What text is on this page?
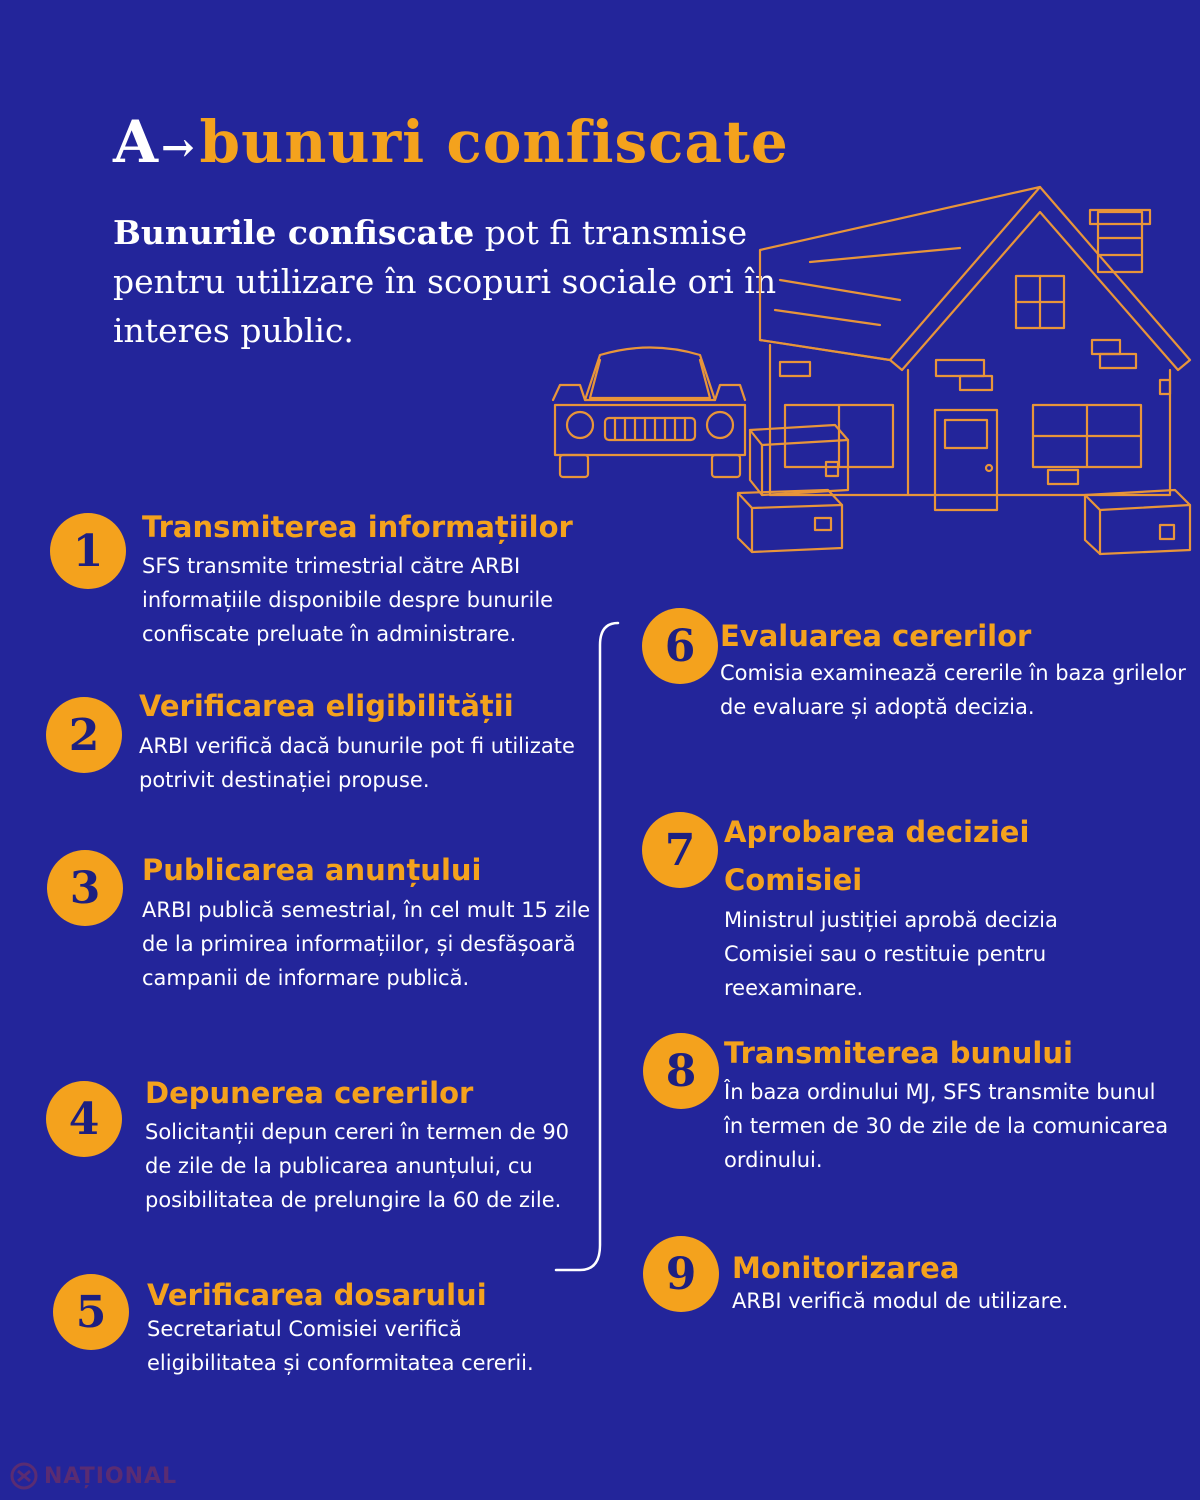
A→bunuri confiscate

Bunurile confiscate pot fi transmise pentru utilizare în scopuri sociale ori în interes public.

1	Transmiterea informațiilor

SFS transmite trimestrial către ARBI informațiile disponibile despre bunurile confiscate preluate în administrare.

2
Verificarea eligibilității

ARBI verifică dacă bunurile pot fi utilizate potrivit destinației propuse.

3	Publicarea anunțului

ARBI publică semestrial, în cel mult 15 zile de la primirea informațiilor, și desfășoară campanii de informare publică.

4
Depunerea cererilor

Solicitanții depun cereri în termen de 90 de zile de la publicarea anunțului, cu posibilitatea de prelungire la 60 de zile.

5	Verificarea dosarului

Secretariatul Comisiei verifică eligibilitatea și conformitatea cererii.

6 Evaluarea cererilor

Comisia examinează cererile în baza grilelor de evaluare și adoptă decizia.

7 Aprobarea deciziei Comisiei

Ministrul justiției aprobă decizia Comisiei sau o restituie pentru reexaminare.

8 Transmiterea bunului

În baza ordinului MJ, SFS transmite bunul în termen de 30 de zile de la comunicarea ordinului.

9	Monitorizarea

ARBI verifică modul de utilizare.

NAȚIONAL
